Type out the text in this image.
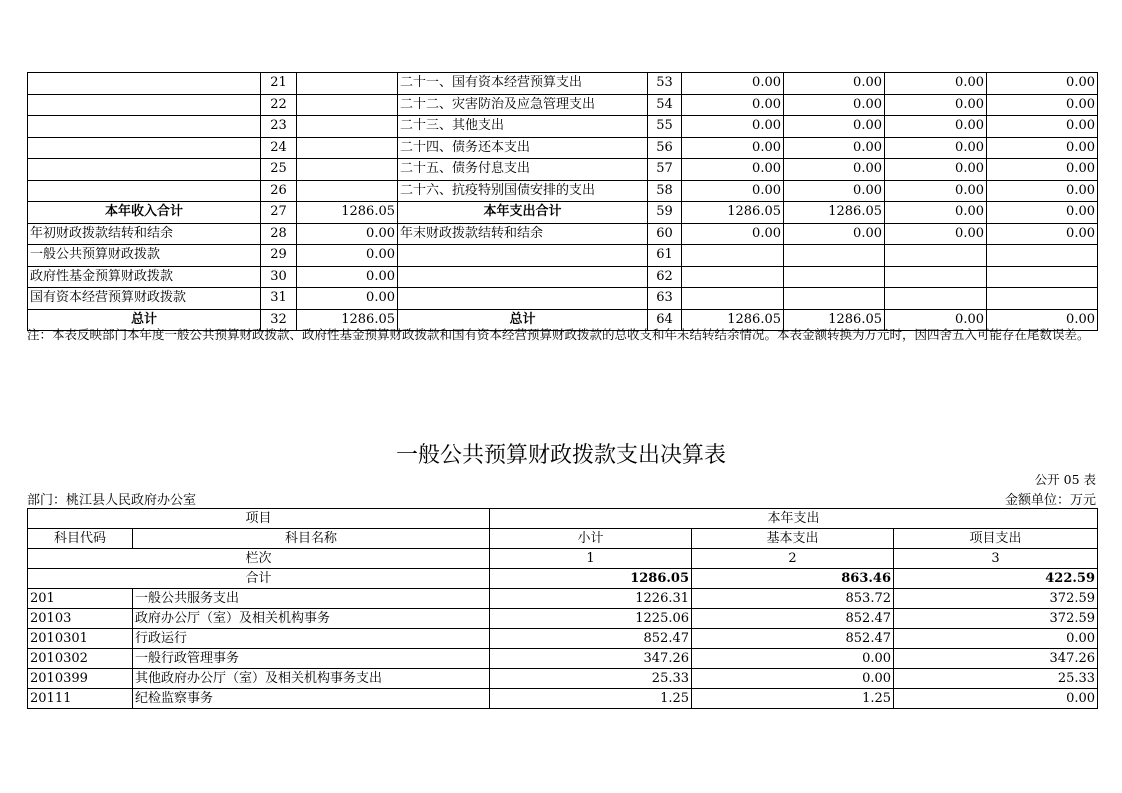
	21		二十一、国有资本经营预算支出	53	0.00	0.00	0.00	0.00
	22		二十二、灾害防治及应急管理支出	54	0.00	0.00	0.00	0.00
	23		二十三、其他支出	55	0.00	0.00	0.00	0.00
	24		二十四、债务还本支出	56	0.00	0.00	0.00	0.00
	25		二十五、债务付息支出	57	0.00	0.00	0.00	0.00
	26		二十六、抗疫特别国债安排的支出	58	0.00	0.00	0.00	0.00
本年收入合计	27	1286.05	本年支出合计	59	1286.05	1286.05	0.00	0.00
年初财政拨款结转和结余	28	0.00	年末财政拨款结转和结余	60	0.00	0.00	0.00	0.00
一般公共预算财政拨款	29	0.00		61				
政府性基金预算财政拨款	30	0.00		62				
国有资本经营预算财政拨款	31	0.00		63				
总计	32	1286.05	总计	64	1286.05	1286.05	0.00	0.00
注：本表反映部门本年度一般公共预算财政拨款、政府性基金预算财政拨款和国有资本经营预算财政拨款的总收支和年末结转结余情况。本表金额转换为万元时，因四舍五入可能存在尾数误差。
一般公共预算财政拨款支出决算表
公开 05 表
部门：桃江县人民政府办公室	金额单位：万元
项目		本年支出		
科目代码	科目名称	小计	基本支出	项目支出
栏次		1	2	3
合计		1286.05	863.46	422.59
201	一般公共服务支出	1226.31	853.72	372.59
20103	政府办公厅（室）及相关机构事务	1225.06	852.47	372.59
2010301	行政运行	852.47	852.47	0.00
2010302	一般行政管理事务	347.26	0.00	347.26
2010399	其他政府办公厅（室）及相关机构事务支出	25.33	0.00	25.33
20111	纪检监察事务	1.25	1.25	0.00
